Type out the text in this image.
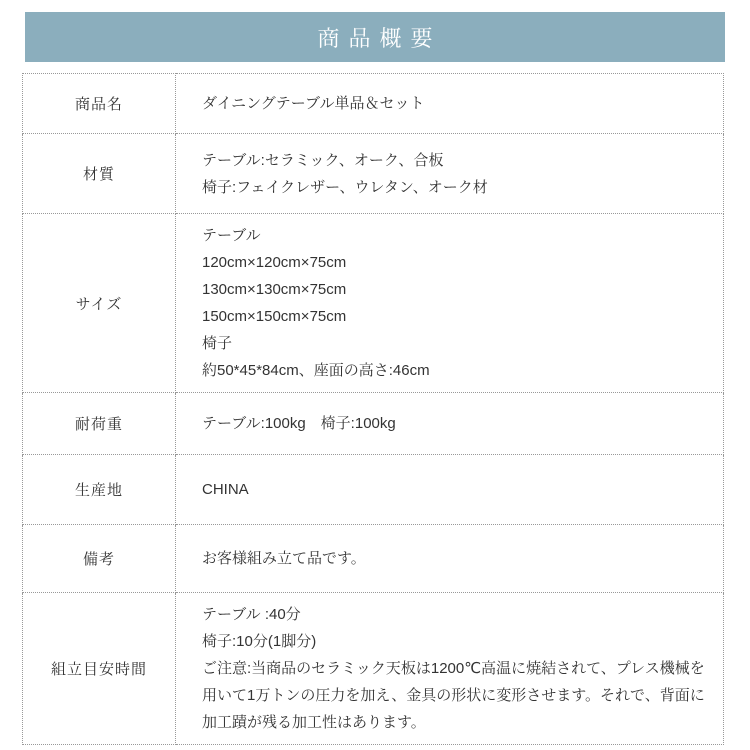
商品概要
商品名	ダイニングテーブル単品＆セット

材質	テーブル:セラミック、オーク、合板
椅子:フェイクレザー、ウレタン、オーク材

サイズ	
テーブル
120cm×120cm×75cm
130cm×130cm×75cm
150cm×150cm×75cm
椅子
約50*45*84cm、座面の高さ:46cm

耐荷重	テーブル:100kg　椅子:100kg

生産地	CHINA

備考	お客様組み立て品です。

組立目安時間	テーブル :40分
椅子:10分(1脚分)
ご注意:当商品のセラミック天板は1200℃高温に焼結されて、プレス機械を用いて1万トンの圧力を加え、金具の形状に変形させます。それで、背面に加工蹟が残る加工性はあります。
